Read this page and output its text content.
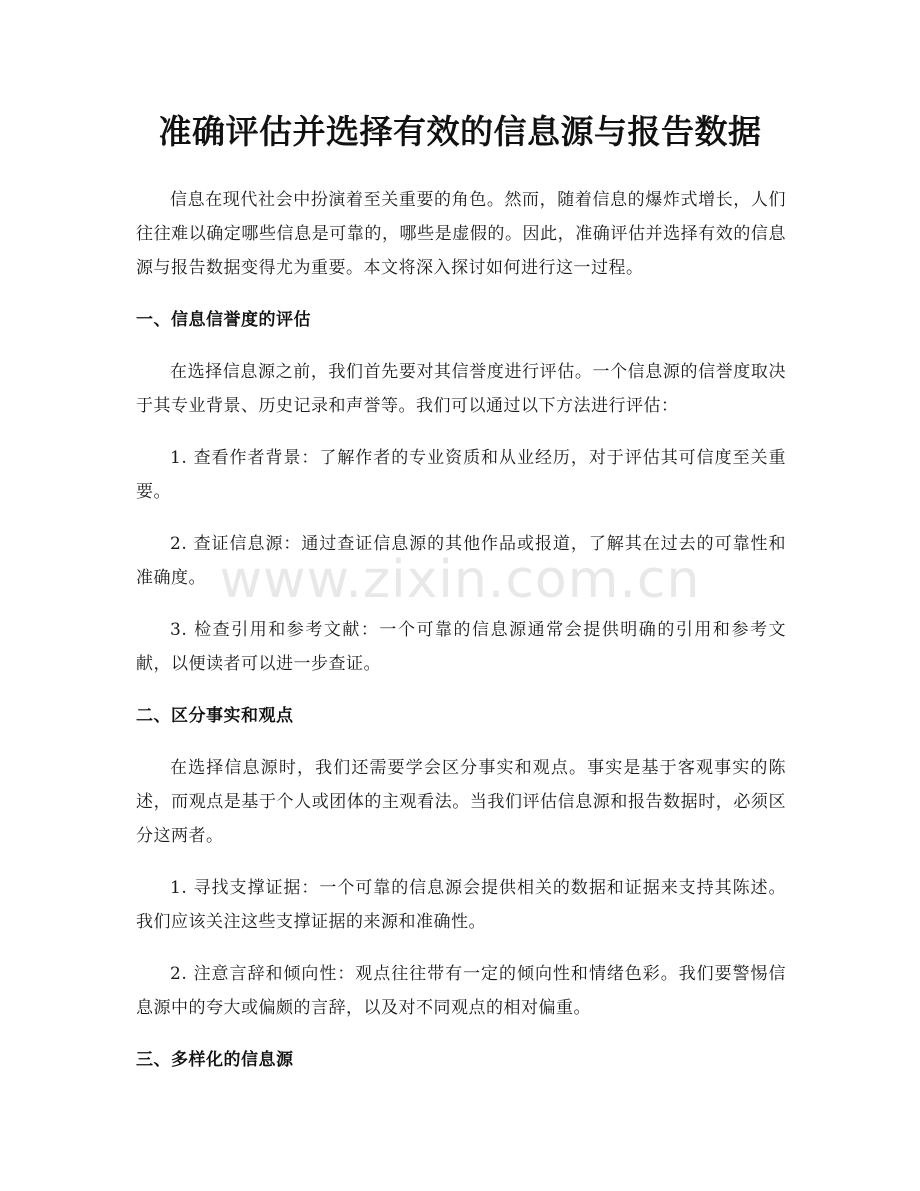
准确评估并选择有效的信息源与报告数据
www.zixin.com.cn

信息在现代社会中扮演着至关重要的角色。然而，随着信息的爆炸式增长，人们往往难以确定哪些信息是可靠的，哪些是虚假的。因此，准确评估并选择有效的信息源与报告数据变得尤为重要。本文将深入探讨如何进行这一过程。

一、信息信誉度的评估

在选择信息源之前，我们首先要对其信誉度进行评估。一个信息源的信誉度取决于其专业背景、历史记录和声誉等。我们可以通过以下方法进行评估：

1. 查看作者背景：了解作者的专业资质和从业经历，对于评估其可信度至关重要。

2. 查证信息源：通过查证信息源的其他作品或报道，了解其在过去的可靠性和准确度。

3. 检查引用和参考文献：一个可靠的信息源通常会提供明确的引用和参考文献，以便读者可以进一步查证。

二、区分事实和观点

在选择信息源时，我们还需要学会区分事实和观点。事实是基于客观事实的陈述，而观点是基于个人或团体的主观看法。当我们评估信息源和报告数据时，必须区分这两者。

1. 寻找支撑证据：一个可靠的信息源会提供相关的数据和证据来支持其陈述。我们应该关注这些支撑证据的来源和准确性。

2. 注意言辞和倾向性：观点往往带有一定的倾向性和情绪色彩。我们要警惕信息源中的夸大或偏颇的言辞，以及对不同观点的相对偏重。

三、多样化的信息源
